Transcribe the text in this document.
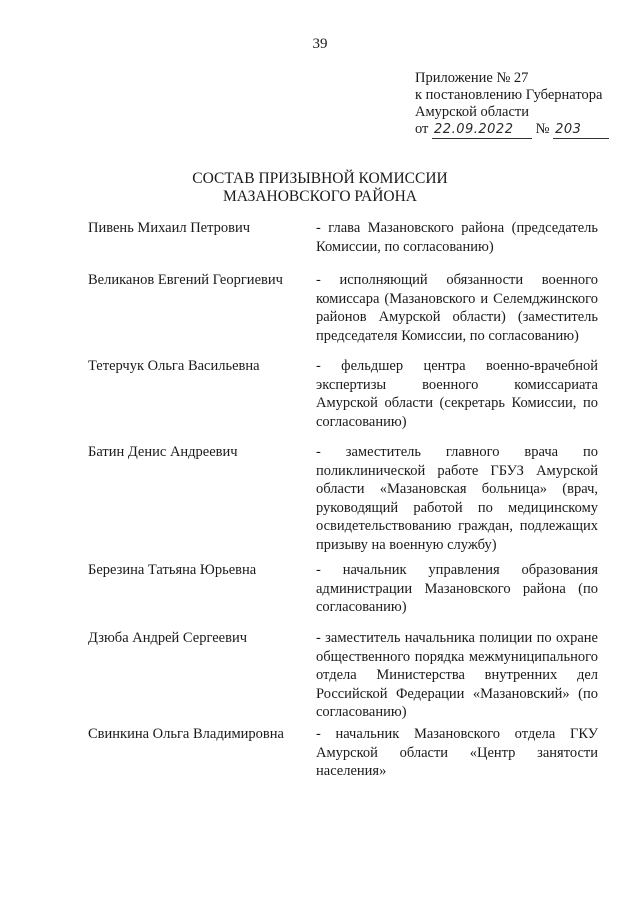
39
Приложение № 27
к постановлению Губернатора
Амурской области
от 22.09.2022 № 203
СОСТАВ ПРИЗЫВНОЙ КОМИССИИ
МАЗАНОВСКОГО РАЙОНА
Пивень Михаил Петрович	- глава Мазановского района (председатель Комиссии, по согласованию)
Великанов Евгений Георгиевич	- исполняющий обязанности военного комиссара (Мазановского и Селемджинского районов Амурской области) (заместитель председателя Комиссии, по согласованию)
Тетерчук Ольга Васильевна	- фельдшер центра военно-врачебной экспертизы военного комиссариата Амурской области (секретарь Комиссии, по согласованию)
Батин Денис Андреевич	- заместитель главного врача по поликлинической работе ГБУЗ Амурской области «Мазановская больница» (врач, руководящий работой по медицинскому освидетельствованию граждан, подлежащих призыву на военную службу)
Березина Татьяна Юрьевна	- начальник управления образования администрации Мазановского района (по согласованию)
Дзюба Андрей Сергеевич	- заместитель начальника полиции по охране общественного порядка межмуниципального отдела Министерства внутренних дел Российской Федерации «Мазановский» (по согласованию)
Свинкина Ольга Владимировна	- начальник Мазановского отдела ГКУ Амурской области «Центр занятости населения»
